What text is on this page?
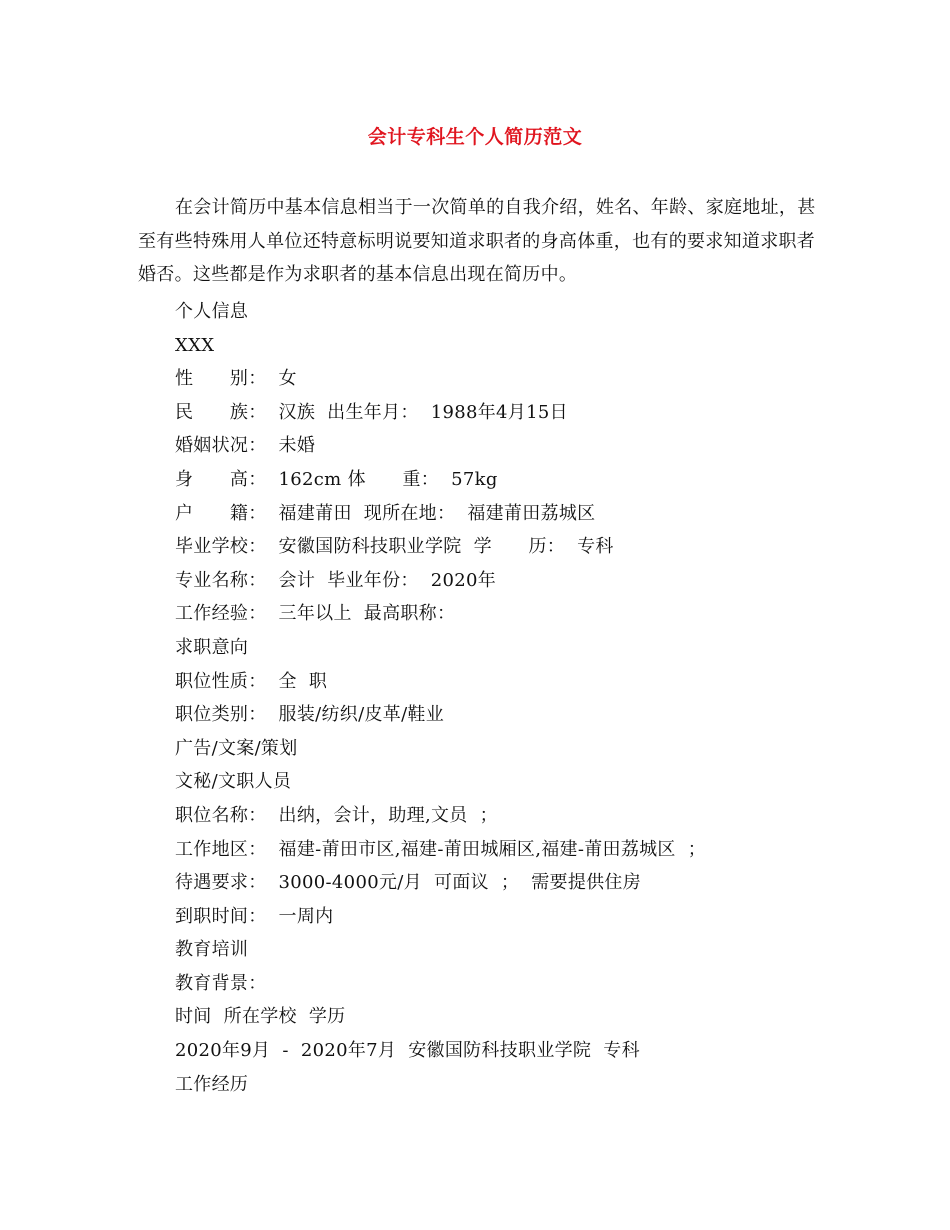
会计专科生个人简历范文

在会计简历中基本信息相当于一次简单的自我介绍，姓名、年龄、家庭地址，甚至有些特殊用人单位还特意标明说要知道求职者的身高体重，也有的要求知道求职者婚否。这些都是作为求职者的基本信息出现在简历中。

个人信息
XXX
性　　别：  女
民　　族：  汉族  出生年月：  1988年4月15日
婚姻状况：  未婚
身　　高：  162cm 体　　重：  57kg
户　　籍：  福建莆田  现所在地：  福建莆田荔城区
毕业学校：  安徽国防科技职业学院  学　　历：  专科
专业名称：  会计  毕业年份：  2020年
工作经验：  三年以上  最高职称：
求职意向
职位性质：  全  职
职位类别：  服装/纺织/皮革/鞋业
广告/文案/策划
文秘/文职人员
职位名称：  出纳，会计，助理,文员  ；
工作地区：  福建-莆田市区,福建-莆田城厢区,福建-莆田荔城区  ；
待遇要求：  3000-4000元/月  可面议  ；  需要提供住房
到职时间：  一周内
教育培训
教育背景：
时间  所在学校  学历
2020年9月  -  2020年7月  安徽国防科技职业学院  专科
工作经历
